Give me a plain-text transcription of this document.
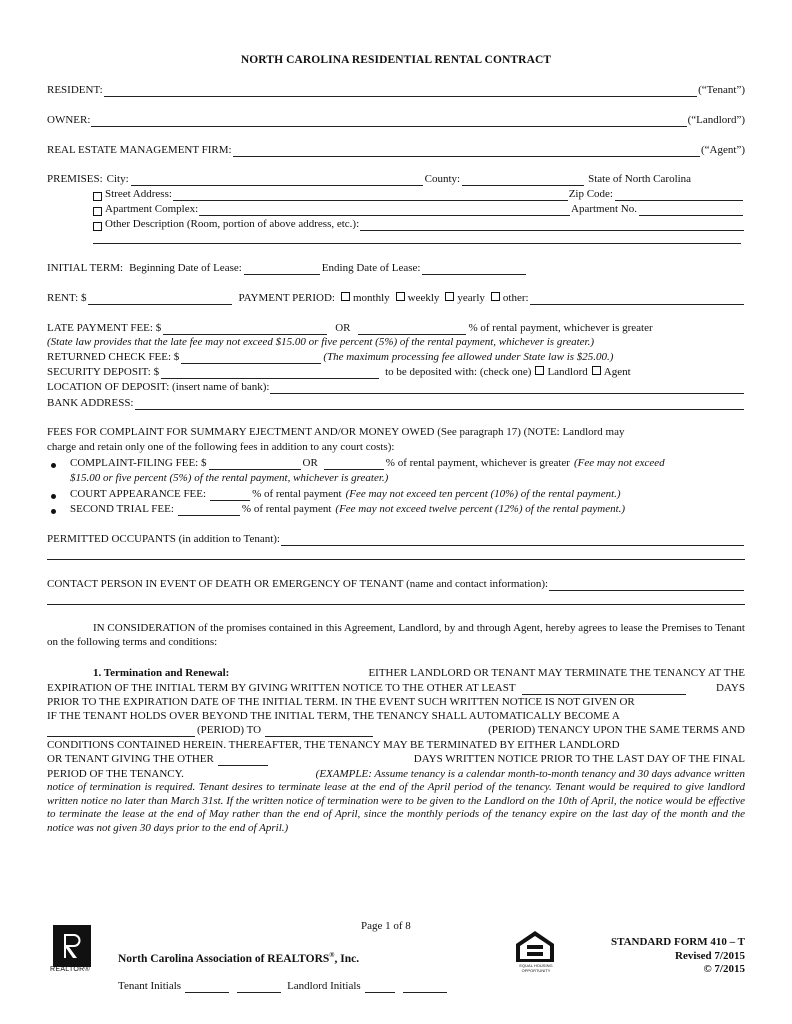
NORTH CAROLINA RESIDENTIAL RENTAL CONTRACT
RESIDENT:	(“Tenant”)
OWNER:	(“Landlord”)
REAL ESTATE MANAGEMENT FIRM:	(“Agent”)
PREMISES: City:	County:	State of North Carolina
Street Address:	Zip Code:
Apartment Complex:	Apartment No.
Other Description (Room, portion of above address, etc.):
INITIAL TERM: Beginning Date of Lease:	Ending Date of Lease:
RENT: $	PAYMENT PERIOD:	monthly	weekly	yearly	other:
LATE PAYMENT FEE: $	OR	% of rental payment, whichever is greater
(State law provides that the late fee may not exceed $15.00 or five percent (5%) of the rental payment, whichever is greater.)
RETURNED CHECK FEE: $	(The maximum processing fee allowed under State law is $25.00.)
SECURITY DEPOSIT: $	to be deposited with: (check one)	Landlord	Agent
LOCATION OF DEPOSIT: (insert name of bank):
BANK ADDRESS:
FEES FOR COMPLAINT FOR SUMMARY EJECTMENT AND/OR MONEY OWED (See paragraph 17) (NOTE: Landlord may
charge and retain only one of the following fees in addition to any court costs):
COMPLAINT-FILING FEE: $	OR	% of rental payment, whichever is greater (Fee may not exceed
$15.00 or five percent (5%) of the rental payment, whichever is greater.)
COURT APPEARANCE FEE:	% of rental payment (Fee may not exceed ten percent (10%) of the rental payment.)
SECOND TRIAL FEE:	% of rental payment (Fee may not exceed twelve percent (12%) of the rental payment.)
PERMITTED OCCUPANTS (in addition to Tenant):
CONTACT PERSON IN EVENT OF DEATH OR EMERGENCY OF TENANT (name and contact information):
IN CONSIDERATION of the promises contained in this Agreement, Landlord, by and through Agent, hereby agrees to lease the Premises to Tenant on the following terms and conditions:
1. Termination and Renewal:	EITHER LANDLORD OR TENANT MAY TERMINATE THE TENANCY AT THE
EXPIRATION OF THE INITIAL TERM BY GIVING WRITTEN NOTICE TO THE OTHER AT LEAST	DAYS
PRIOR TO THE EXPIRATION DATE OF THE INITIAL TERM. IN THE EVENT SUCH WRITTEN NOTICE IS NOT GIVEN OR
IF THE TENANT HOLDS OVER BEYOND THE INITIAL TERM, THE TENANCY SHALL AUTOMATICALLY BECOME A
(PERIOD) TO	(PERIOD) TENANCY UPON THE SAME TERMS AND
CONDITIONS CONTAINED HEREIN. THEREAFTER, THE TENANCY MAY BE TERMINATED BY EITHER LANDLORD
OR TENANT GIVING THE OTHER	DAYS WRITTEN NOTICE PRIOR TO THE LAST DAY OF THE FINAL
PERIOD OF THE TENANCY.	(EXAMPLE: Assume tenancy is a calendar month-to-month tenancy and 30 days advance written
notice of termination is required. Tenant desires to terminate lease at the end of the April period of the tenancy. Tenant would be required to give landlord written notice no later than March 31st. If the written notice of termination were to be given to the Landlord on the 10th of April, the notice would be effective to terminate the lease at the end of May rather than the end of April, since the monthly periods of the tenancy expire on the last day of the month and the notice was not given 30 days prior to the end of April.)
Page 1 of 8
REALTOR®
North Carolina Association of REALTORS®, Inc.
Tenant Initials	Landlord Initials
EQUAL HOUSING OPPORTUNITY
STANDARD FORM 410 – T
Revised 7/2015
© 7/2015
